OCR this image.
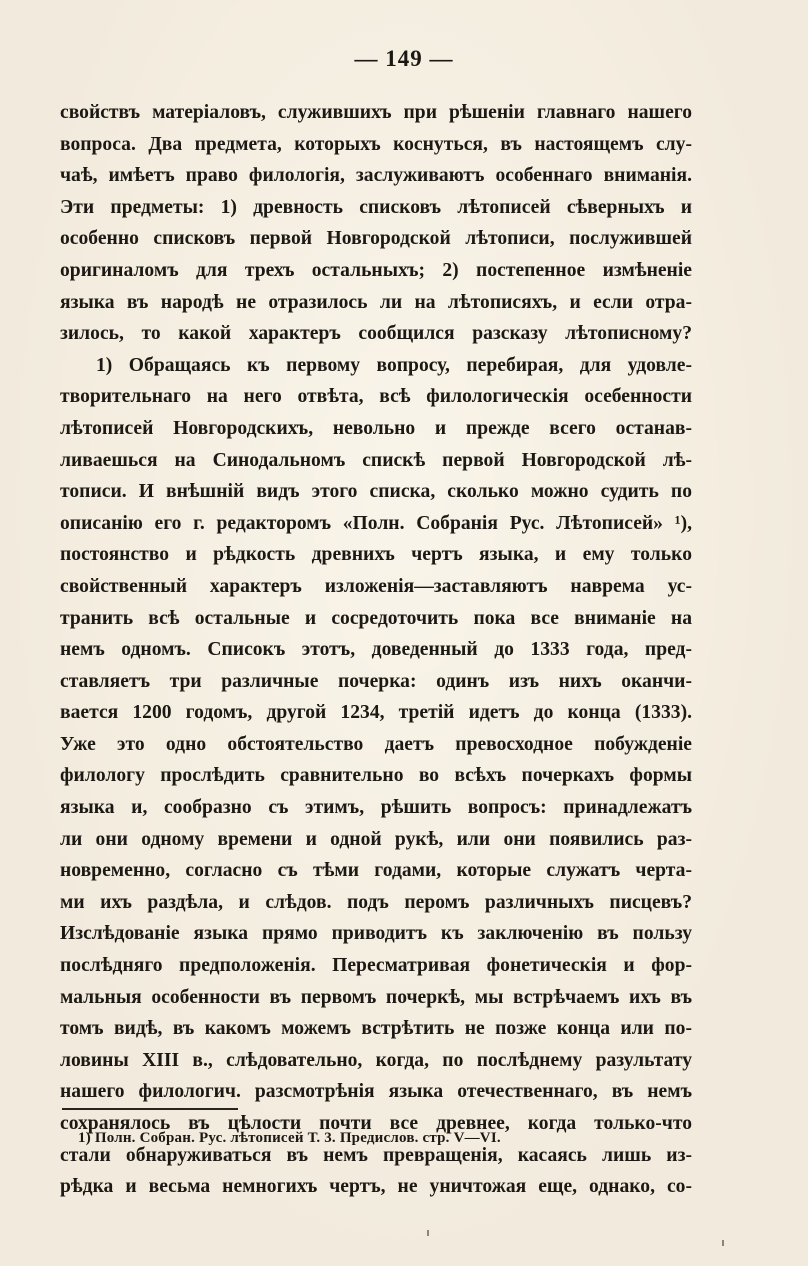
— 149 —
свойствъ матеріаловъ, служившихъ при рѣшеніи главнаго нашего
вопроса. Два предмета, которыхъ коснуться, въ настоящемъ слу-
чаѣ, имѣетъ право филологія, заслуживаютъ особеннаго вниманія.
Эти предметы: 1) древность списковъ лѣтописей сѣверныхъ и
особенно списковъ первой Новгородской лѣтописи, послужившей
оригиналомъ для трехъ остальныхъ; 2) постепенное измѣненіе
языка въ народѣ не отразилось ли на лѣтописяхъ, и если отра-
зилось, то какой характеръ сообщился разсказу лѣтописному?
1) Обращаясь къ первому вопросу, перебирая, для удовле-
творительнаго на него отвѣта, всѣ филологическія осебенности
лѣтописей Новгородскихъ, невольно и прежде всего останав-
ливаешься на Синодальномъ спискѣ первой Новгородской лѣ-
тописи. И внѣшній видъ этого списка, сколько можно судить по
описанію его г. редакторомъ «Полн. Собранія Рус. Лѣтописей» ¹),
постоянство и рѣдкость древнихъ чертъ языка, и ему только
свойственный характеръ изложенія—заставляютъ наврема ус-
транить всѣ остальные и сосредоточить пока все вниманіе на
немъ одномъ. Списокъ этотъ, доведенный до 1333 года, пред-
ставляетъ три различные почерка: одинъ изъ нихъ оканчи-
вается 1200 годомъ, другой 1234, третій идетъ до конца (1333).
Уже это одно обстоятельство даетъ превосходное побужденіе
филологу прослѣдить сравнительно во всѣхъ почеркахъ формы
языка и, сообразно съ этимъ, рѣшить вопросъ: принадлежатъ
ли они одному времени и одной рукѣ, или они появились раз-
новременно, согласно съ тѣми годами, которые служатъ черта-
ми ихъ раздѣла, и слѣдов. подъ перомъ различныхъ писцевъ?
Изслѣдованіе языка прямо приводитъ къ заключенію въ пользу
послѣдняго предположенія. Пересматривая фонетическія и фор-
мальныя особенности въ первомъ почеркѣ, мы встрѣчаемъ ихъ въ
томъ видѣ, въ какомъ можемъ встрѣтить не позже конца или по-
ловины XIII в., слѣдовательно, когда, по послѣднему разультату
нашего филологич. разсмотрѣнія языка отечественнаго, въ немъ
сохранялось въ цѣлости почти все древнее, когда только-что
стали обнаруживаться въ немъ превращенія, касаясь лишь из-
рѣдка и весьма немногихъ чертъ, не уничтожая еще, однако, со-
1) Полн. Собран. Рус. лѣтописей Т. 3. Предислов. стр. V—VI.
